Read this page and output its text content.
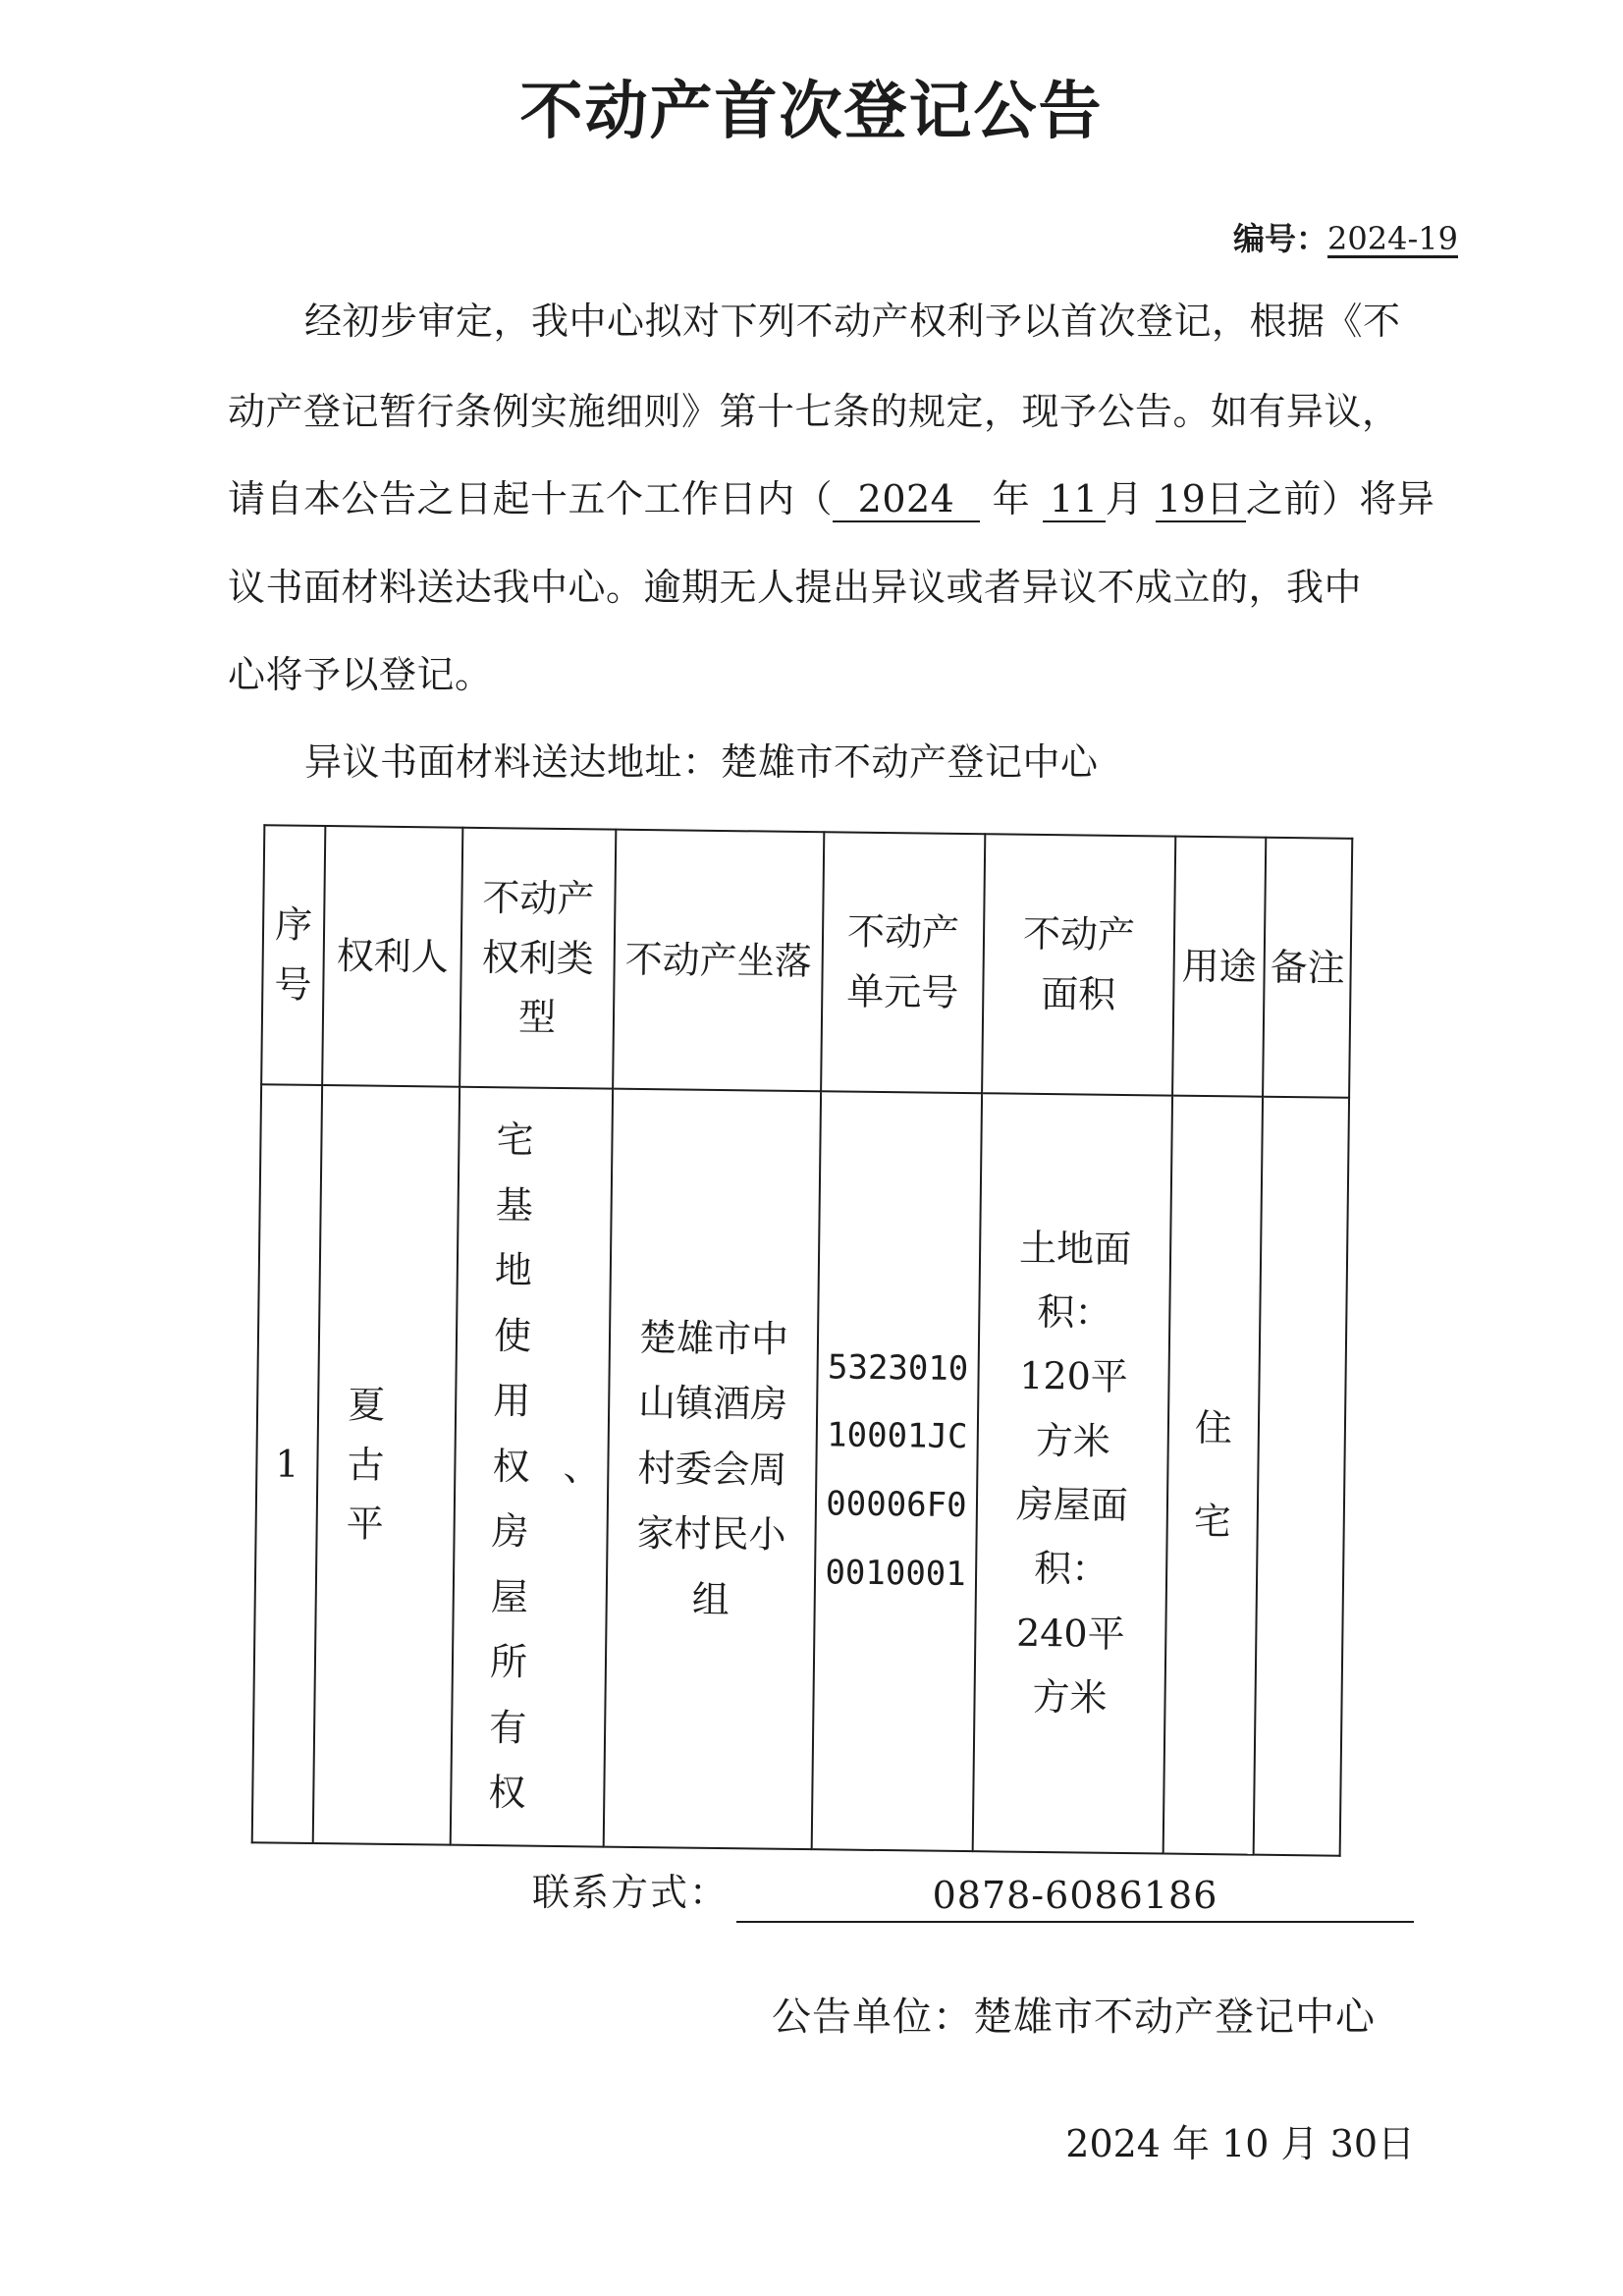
不动产首次登记公告
编号：2024-19
经初步审定，我中心拟对下列不动产权利予以首次登记，根据《不
动产登记暂行条例实施细则》第十七条的规定，现予公告。如有异议，
请自本公告之日起十五个工作日内（ 2024 年 11 月 19日之前）将异
议书面材料送达我中心。逾期无人提出异议或者异议不成立的，我中
心将予以登记。
异议书面材料送达地址：楚雄市不动产登记中心
序号	权利人	不动产权利类型	不动产坐落	不动产单元号	不动产面积	用途	备注
1	夏古平	宅基地使用权、房屋所有权	楚雄市中山镇酒房村委会周家村民小组	532301010001JC00006F00010001	土地面积：120平方米 房屋面积：240平方米	住宅	
联系方式：	0878-6086186
公告单位：楚雄市不动产登记中心
2024 年 10 月 30日
